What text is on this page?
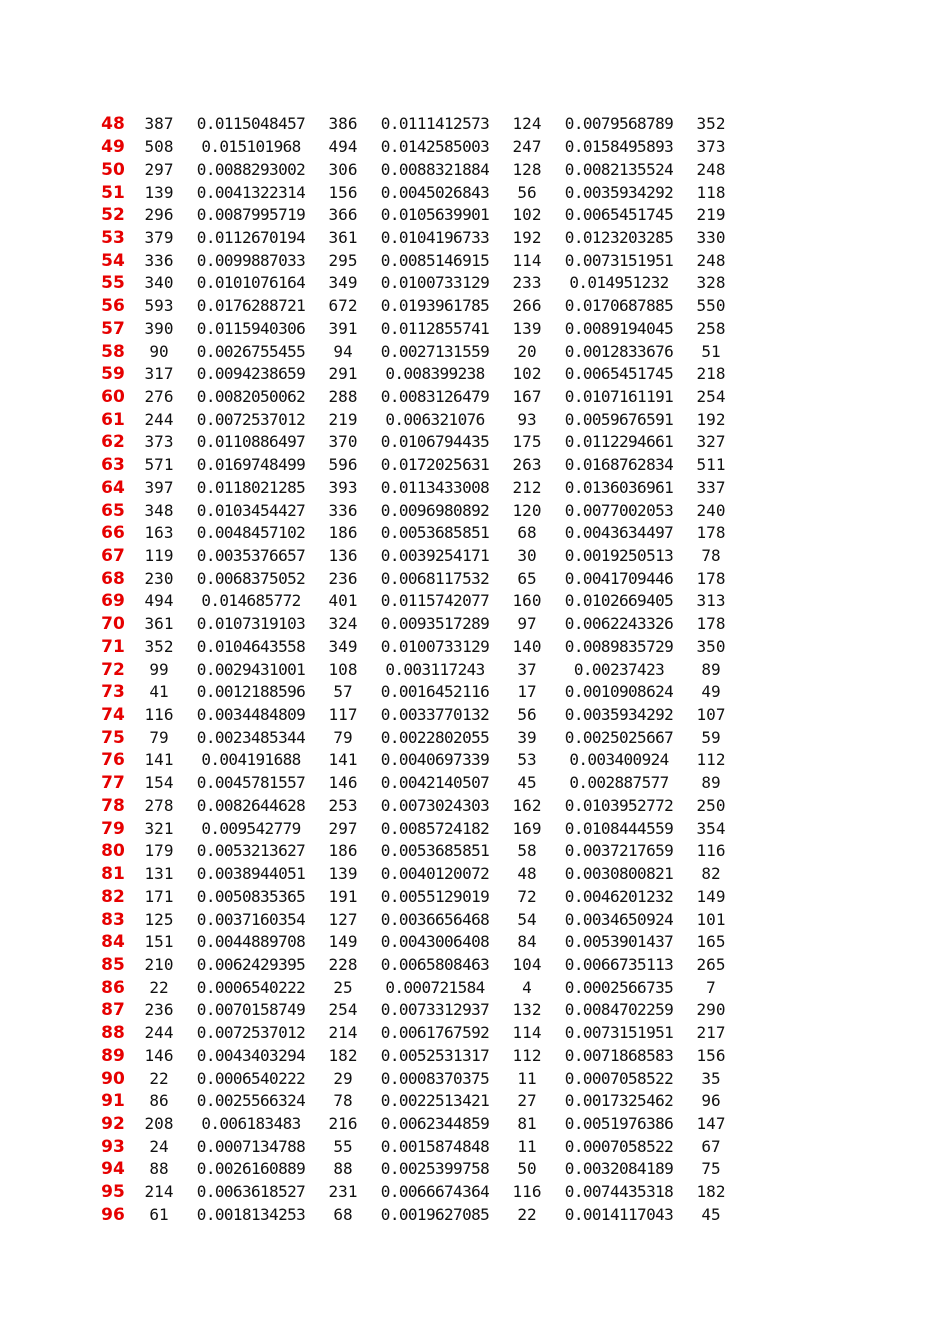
48	387	0.0115048457	386	0.0111412573	124	0.0079568789	352
49	508	0.015101968	494	0.0142585003	247	0.0158495893	373
50	297	0.0088293002	306	0.0088321884	128	0.0082135524	248
51	139	0.0041322314	156	0.0045026843	56	0.0035934292	118
52	296	0.0087995719	366	0.0105639901	102	0.0065451745	219
53	379	0.0112670194	361	0.0104196733	192	0.0123203285	330
54	336	0.0099887033	295	0.0085146915	114	0.0073151951	248
55	340	0.0101076164	349	0.0100733129	233	0.014951232	328
56	593	0.0176288721	672	0.0193961785	266	0.0170687885	550
57	390	0.0115940306	391	0.0112855741	139	0.0089194045	258
58	90	0.0026755455	94	0.0027131559	20	0.0012833676	51
59	317	0.0094238659	291	0.008399238	102	0.0065451745	218
60	276	0.0082050062	288	0.0083126479	167	0.0107161191	254
61	244	0.0072537012	219	0.006321076	93	0.0059676591	192
62	373	0.0110886497	370	0.0106794435	175	0.0112294661	327
63	571	0.0169748499	596	0.0172025631	263	0.0168762834	511
64	397	0.0118021285	393	0.0113433008	212	0.0136036961	337
65	348	0.0103454427	336	0.0096980892	120	0.0077002053	240
66	163	0.0048457102	186	0.0053685851	68	0.0043634497	178
67	119	0.0035376657	136	0.0039254171	30	0.0019250513	78
68	230	0.0068375052	236	0.0068117532	65	0.0041709446	178
69	494	0.014685772	401	0.0115742077	160	0.0102669405	313
70	361	0.0107319103	324	0.0093517289	97	0.0062243326	178
71	352	0.0104643558	349	0.0100733129	140	0.0089835729	350
72	99	0.0029431001	108	0.003117243	37	0.00237423	89
73	41	0.0012188596	57	0.0016452116	17	0.0010908624	49
74	116	0.0034484809	117	0.0033770132	56	0.0035934292	107
75	79	0.0023485344	79	0.0022802055	39	0.0025025667	59
76	141	0.004191688	141	0.0040697339	53	0.003400924	112
77	154	0.0045781557	146	0.0042140507	45	0.002887577	89
78	278	0.0082644628	253	0.0073024303	162	0.0103952772	250
79	321	0.009542779	297	0.0085724182	169	0.0108444559	354
80	179	0.0053213627	186	0.0053685851	58	0.0037217659	116
81	131	0.0038944051	139	0.0040120072	48	0.0030800821	82
82	171	0.0050835365	191	0.0055129019	72	0.0046201232	149
83	125	0.0037160354	127	0.0036656468	54	0.0034650924	101
84	151	0.0044889708	149	0.0043006408	84	0.0053901437	165
85	210	0.0062429395	228	0.0065808463	104	0.0066735113	265
86	22	0.0006540222	25	0.000721584	4	0.0002566735	7
87	236	0.0070158749	254	0.0073312937	132	0.0084702259	290
88	244	0.0072537012	214	0.0061767592	114	0.0073151951	217
89	146	0.0043403294	182	0.0052531317	112	0.0071868583	156
90	22	0.0006540222	29	0.0008370375	11	0.0007058522	35
91	86	0.0025566324	78	0.0022513421	27	0.0017325462	96
92	208	0.006183483	216	0.0062344859	81	0.0051976386	147
93	24	0.0007134788	55	0.0015874848	11	0.0007058522	67
94	88	0.0026160889	88	0.0025399758	50	0.0032084189	75
95	214	0.0063618527	231	0.0066674364	116	0.0074435318	182
96	61	0.0018134253	68	0.0019627085	22	0.0014117043	45
